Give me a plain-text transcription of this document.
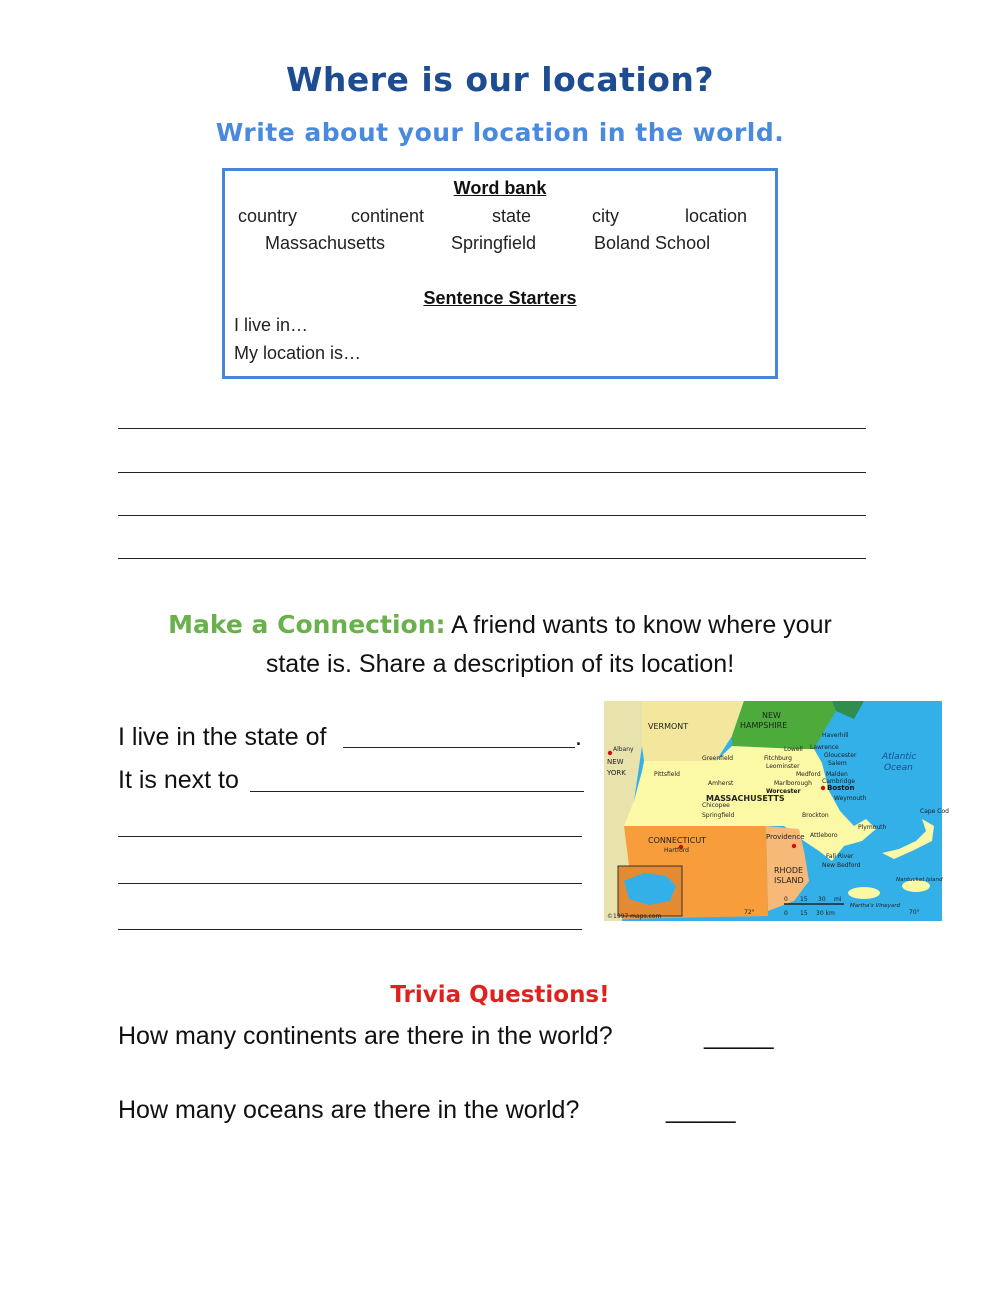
Where is our location?
Write about your location in the world.
Word bank
country	continent	state	city	location
Massachusetts	Springfield	Boland School
Sentence Starters
I live in…
My location is…
Make a Connection: A friend wants to know where your
state is. Share a description of its location!
I live in the state of	.
It is next to
VERMONT
NEW HAMPSHIRE
NEW YORK
MASSACHUSETTS
CONNECTICUT
RHODE ISLAND
Atlantic Ocean
Albany
Haverhill
Lowell Lawrence
Gloucester
Salem
Fitchburg
Leominster
Greenfield
Pittsfield
Amherst	Marlborough
Medford Malden
Cambridge
Boston
Weymouth
Worcester
Chicopee
Springfield	Brockton
Plymouth
Hartford
Providence Attleboro
Fall River
New Bedford
Cape Cod
Nantucket Island
Martha's Vineyard
©1997 maps.com
0 15 30 mi
0 15 30 km
72°	70°
Trivia Questions!
How many continents are there in the world?	_____
How many oceans are there in the world?	_____
